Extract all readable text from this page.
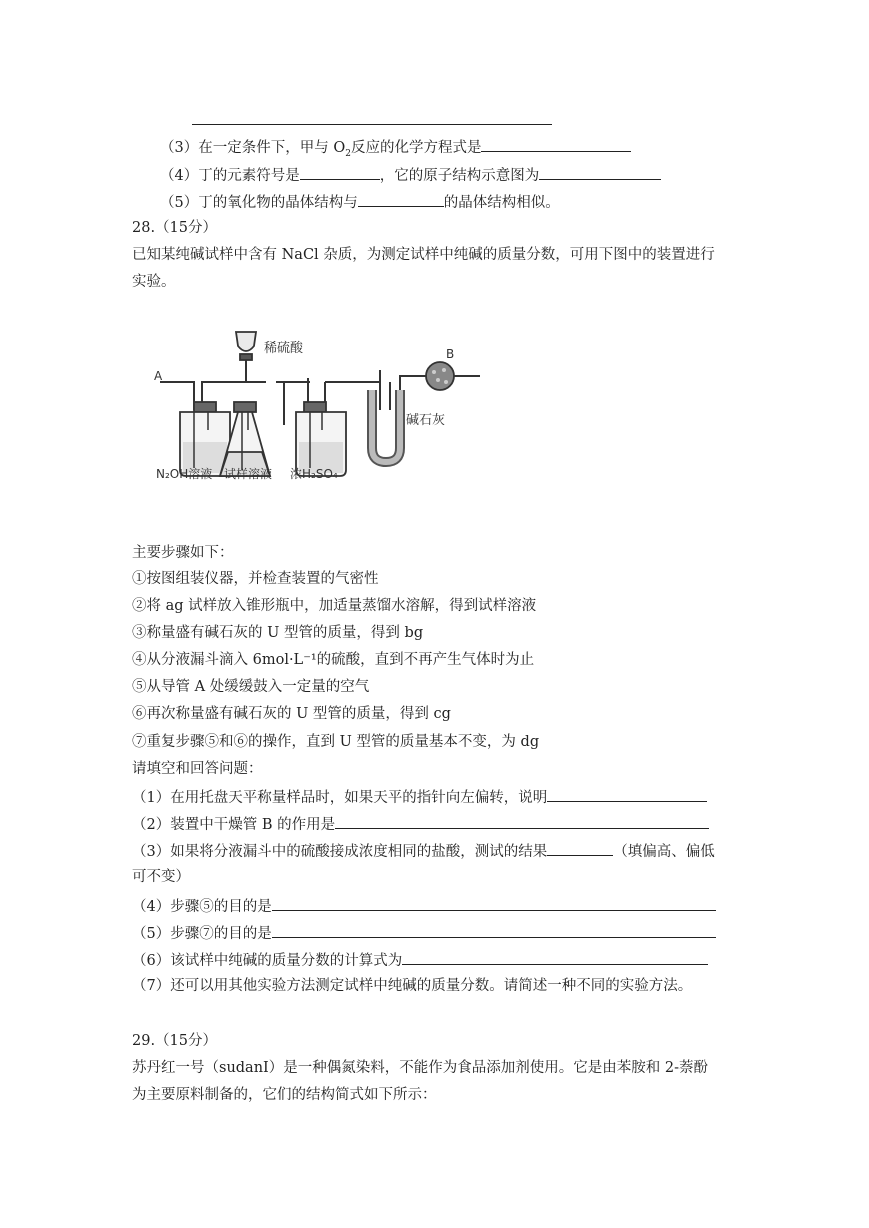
（3）在一定条件下，甲与 $O_2$反应的化学方程式是
（4）丁的元素符号是	，它的原子结构示意图为
（5）丁的氧化物的晶体结构与	的晶体结构相似。
28.（15分）
已知某纯碱试样中含有 NaCl 杂质，为测定试样中纯碱的质量分数，可用下图中的装置进行
实验。
A
B
稀硫酸
碱石灰
N₂OH溶液 试样溶液 浓H₂SO₄
主要步骤如下：
①按图组装仪器，并检查装置的气密性
②将 ag 试样放入锥形瓶中，加适量蒸馏水溶解，得到试样溶液
③称量盛有碱石灰的 U 型管的质量，得到 bg
④从分液漏斗滴入 6mol·L⁻¹的硫酸，直到不再产生气体时为止
⑤从导管 A 处缓缓鼓入一定量的空气
⑥再次称量盛有碱石灰的 U 型管的质量，得到 cg
⑦重复步骤⑤和⑥的操作，直到 U 型管的质量基本不变，为 dg
请填空和回答问题：
（1）在用托盘天平称量样品时，如果天平的指针向左偏转，说明
（2）装置中干燥管 B 的作用是
（3）如果将分液漏斗中的硫酸接成浓度相同的盐酸，测试的结果	（填偏高、偏低
可不变）
（4）步骤⑤的目的是
（5）步骤⑦的目的是
（6）该试样中纯碱的质量分数的计算式为
（7）还可以用其他实验方法测定试样中纯碱的质量分数。请简述一种不同的实验方法。
29.（15分）
苏丹红一号（sudanⅠ）是一种偶氮染料，不能作为食品添加剂使用。它是由苯胺和 2-萘酚
为主要原料制备的，它们的结构简式如下所示：
